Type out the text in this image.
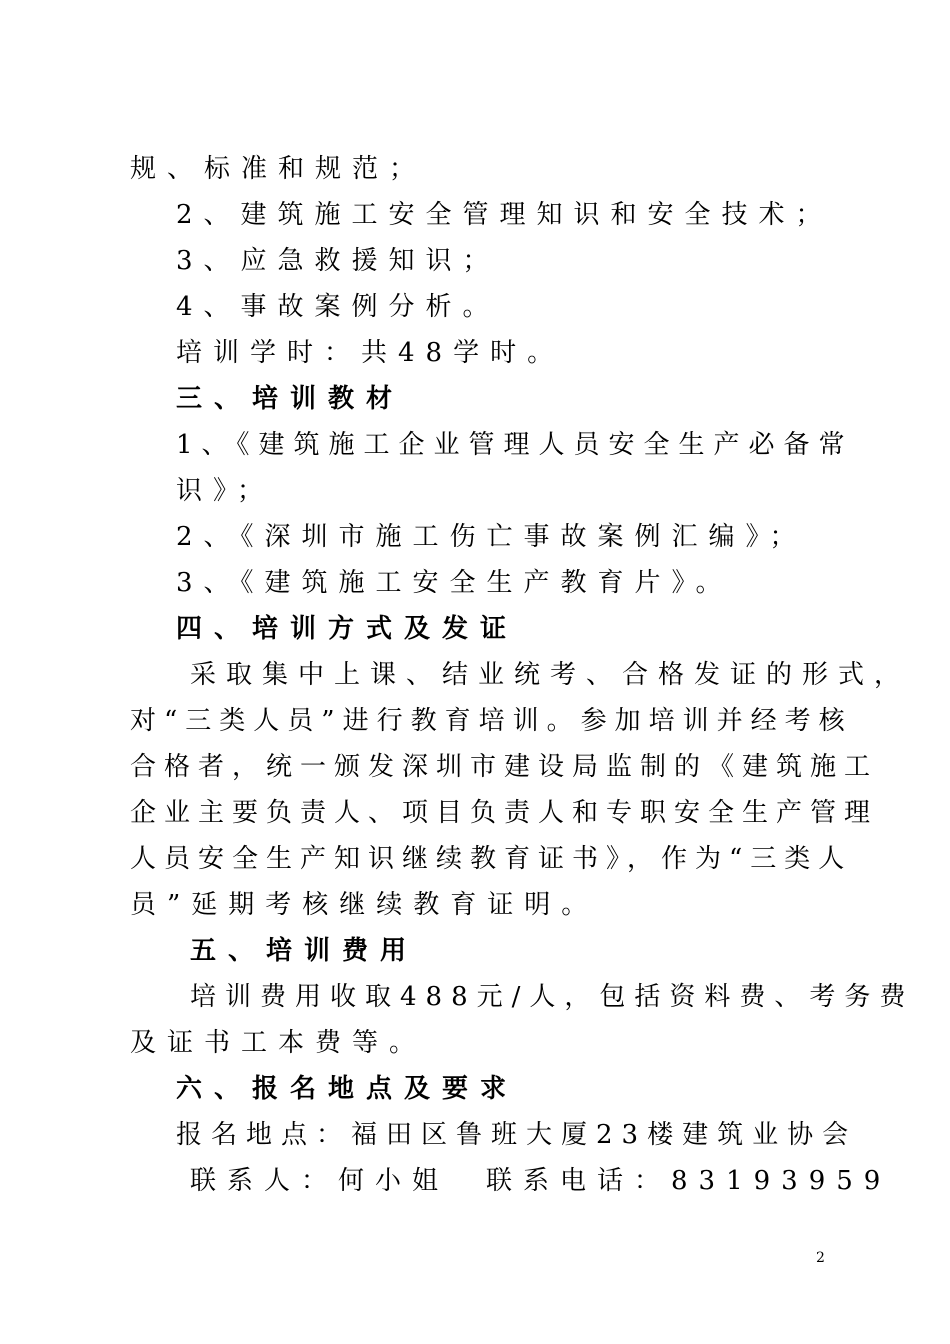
规、标准和规范；
2、建筑施工安全管理知识和安全技术；
3、应急救援知识；
4、事故案例分析。
培训学时：共48学时。
三、培训教材
1、《建筑施工企业管理人员安全生产必备常
识》；
2、《深圳市施工伤亡事故案例汇编》；
3、《建筑施工安全生产教育片》。
四、培训方式及发证
采取集中上课、结业统考、合格发证的形式，
对“三类人员”进行教育培训。参加培训并经考核
合格者，统一颁发深圳市建设局监制的《建筑施工
企业主要负责人、项目负责人和专职安全生产管理
人员安全生产知识继续教育证书》，作为“三类人
员”延期考核继续教育证明。
五、培训费用
培训费用收取488元/人，包括资料费、考务费
及证书工本费等。
六、报名地点及要求
报名地点：福田区鲁班大厦23楼建筑业协会
联系人：何小姐　联系电话：83193959
2
